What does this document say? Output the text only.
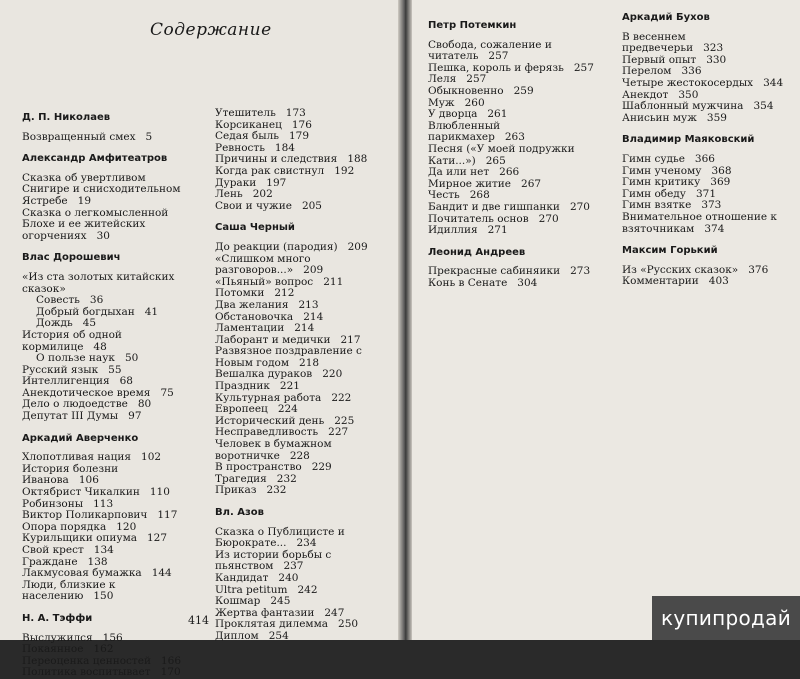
Содержание
Д. П. Николаев
Возвращенный смех 5
Александр Амфитеатров
Сказка об увертливом Снигире и снисходительном Ястребе 19
Сказка о легкомысленной Блохе и ее житейских огорчениях 30
Влас Дорошевич
«Из ста золотых китайских сказок»
Совесть 36
Добрый богдыхан 41
Дождь 45
История об одной кормилице 48
О пользе наук 50
Русский язык 55
Интеллигенция 68
Анекдотическое время 75
Дело о людоедстве 80
Депутат III Думы 97
Аркадий Аверченко
Хлопотливая нация 102
История болезни Иванова 106
Октябрист Чикалкин 110
Робинзоны 113
Виктор Поликарпович 117
Опора порядка 120
Курильщики опиума 127
Свой крест 134
Граждане 138
Лакмусовая бумажка 144
Люди, близкие к населению 150
Н. А. Тэффи
Выслужился 156
Покаянное 162
Переоценка ценностей 166
Политика воспитывает 170
Утешитель 173
Корсиканец 176
Седая быль 179
Ревность 184
Причины и следствия 188
Когда рак свистнул 192
Дураки 197
Лень 202
Свои и чужие 205
Саша Черный
До реакции (пародия) 209
«Слишком много разговоров...» 209
«Пьяный» вопрос 211
Потомки 212
Два желания 213
Обстановочка 214
Ламентации 214
Лаборант и медички 217
Развязное поздравление с Новым годом 218
Вешалка дураков 220
Праздник 221
Культурная работа 222
Европеец 224
Исторический день 225
Несправедливость 227
Человек в бумажном воротничке 228
В пространство 229
Трагедия 232
Приказ 232
Вл. Азов
Сказка о Публицисте и Бюрократе... 234
Из истории борьбы с пьянством 237
Кандидат 240
Ultra petitum 242
Кошмар 245
Жертва фантазии 247
Проклятая дилемма 250
Диплом 254
414
Петр Потемкин
Свобода, сожаление и читатель 257
Пешка, король и ферязь 257
Леля 257
Обыкновенно 259
Муж 260
У дворца 261
Влюбленный парикмахер 263
Песня («У моей подружки Кати...») 265
Да или нет 266
Мирное житие 267
Честь 268
Бандит и две гишпанки 270
Почитатель основ 270
Идиллия 271
Леонид Андреев
Прекрасные сабиняики 273
Конь в Сенате 304
Аркадий Бухов
В весеннем предвечерьи 323
Первый опыт 330
Перелом 336
Четыре жестокосердых 344
Анекдот 350
Шаблонный мужчина 354
Анисьин муж 359
Владимир Маяковский
Гимн судье 366
Гимн ученому 368
Гимн критику 369
Гимн обеду 371
Гимн взятке 373
Внимательное отношение к взяточникам 374
Максим Горький
Из «Русских сказок» 376
Комментарии 403
купипродай
